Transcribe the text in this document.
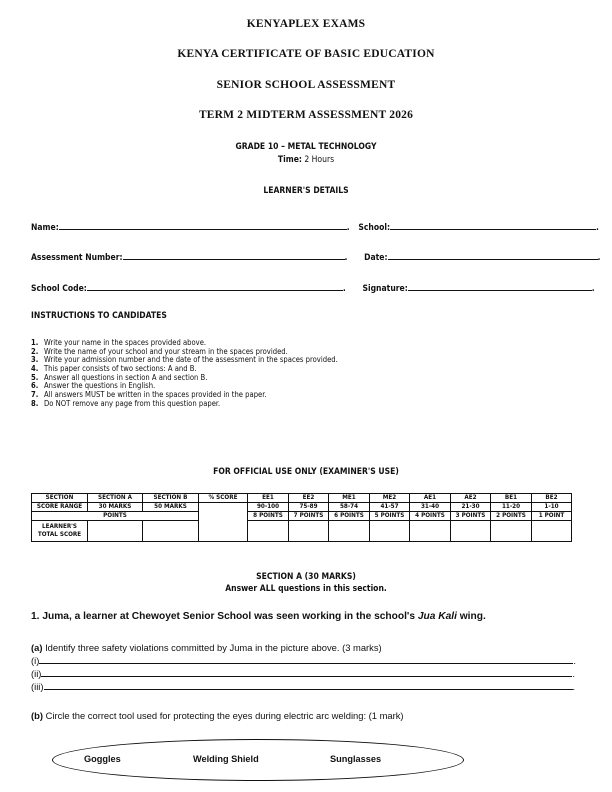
KENYAPLEX EXAMS
KENYA CERTIFICATE OF BASIC EDUCATION
SENIOR SCHOOL ASSESSMENT
TERM 2 MIDTERM ASSESSMENT 2026
GRADE 10 – METAL TECHNOLOGY
Time: 2 Hours
LEARNER'S DETAILS
Name:	. School:	.
Assessment Number:	. Date:	.
School Code:	. Signature:	.
INSTRUCTIONS TO CANDIDATES
1. Write your name in the spaces provided above.
2. Write the name of your school and your stream in the spaces provided.
3. Write your admission number and the date of the assessment in the spaces provided.
4. This paper consists of two sections: A and B.
5. Answer all questions in section A and section B.
6. Answer the questions in English.
7. All answers MUST be written in the spaces provided in the paper.
8. Do NOT remove any page from this question paper.
FOR OFFICIAL USE ONLY (EXAMINER'S USE)
SECTION	SECTION A	SECTION B	% SCORE	EE1	EE2	ME1	ME2	AE1	AE2	BE1	BE2
SCORE RANGE	30 MARKS	50 MARKS		90-100	75-89	58-74	41-57	31-40	21-30	11-20	1-10
POINTS				8 POINTS	7 POINTS	6 POINTS	5 POINTS	4 POINTS	3 POINTS	2 POINTS	1 POINT
LEARNER'S
TOTAL SCORE											
SECTION A (30 MARKS)
Answer ALL questions in this section.
1. Juma, a learner at Chewoyet Senior School was seen working in the school's Jua Kali wing.
(a) Identify three safety violations committed by Juma in the picture above. (3 marks)
(i)	.
(ii)	.
(iii)	.
(b) Circle the correct tool used for protecting the eyes during electric arc welding: (1 mark)
Goggles	Welding Shield	Sunglasses
